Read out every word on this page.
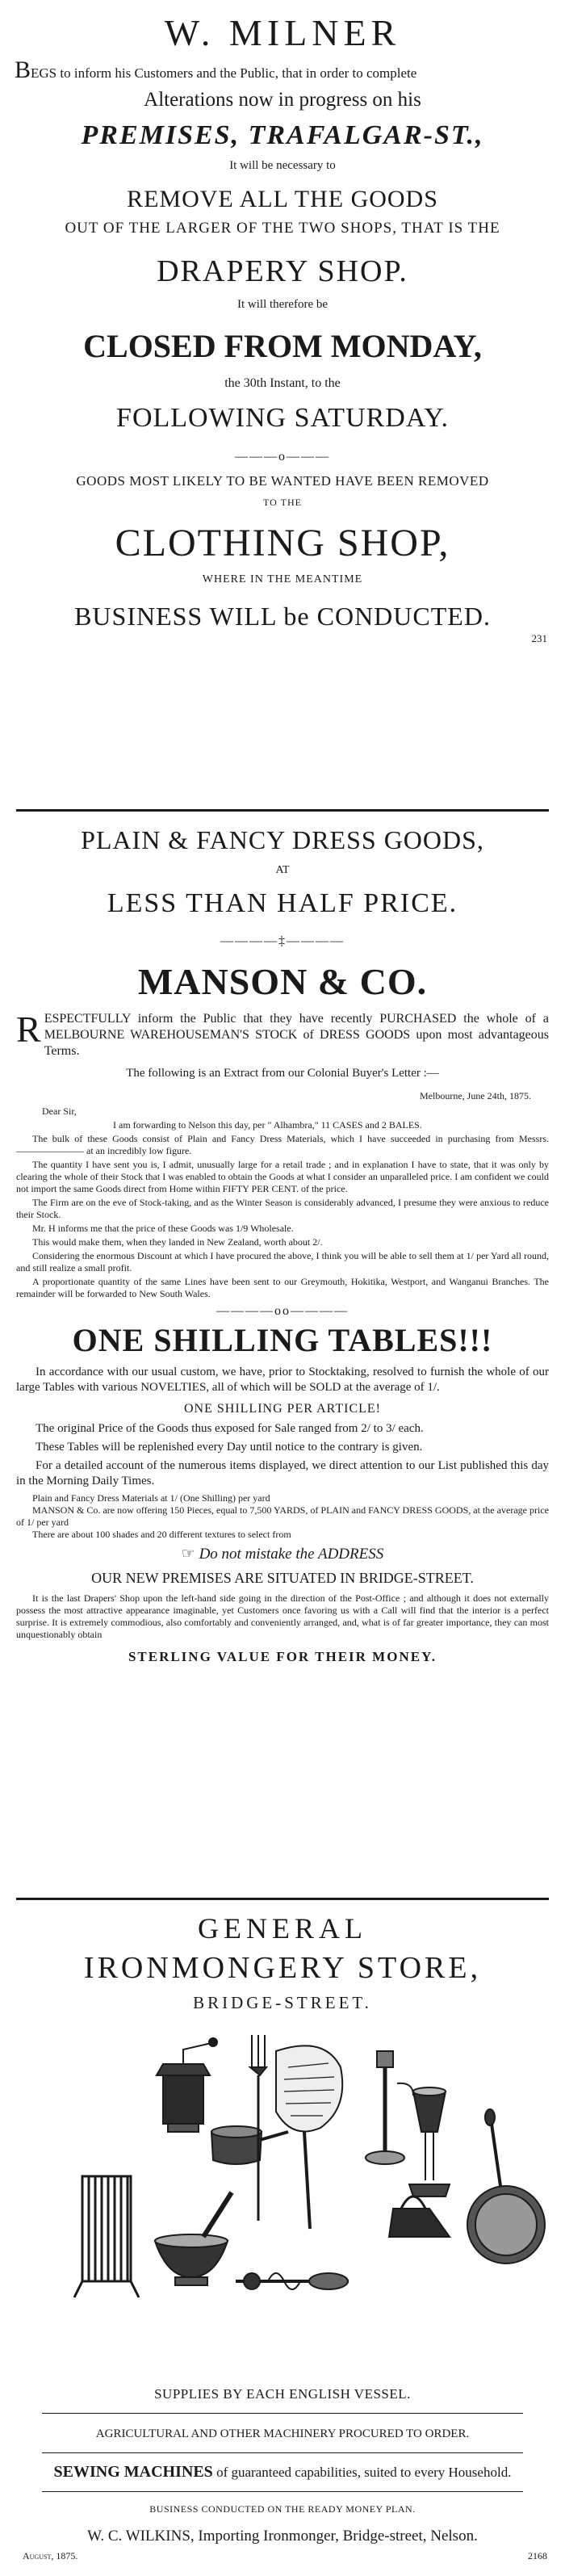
W. MILNER
BEGS to inform his Customers and the Public, that in order to complete
Alterations now in progress on his
PREMISES, TRAFALGAR-ST.,
It will be necessary to
REMOVE ALL THE GOODS
OUT OF THE LARGER OF THE TWO SHOPS, THAT IS THE
DRAPERY SHOP.
It will therefore be
CLOSED FROM MONDAY,
the 30th Instant, to the
FOLLOWING SATURDAY.
———o———
GOODS MOST LIKELY TO BE WANTED HAVE BEEN REMOVED
TO THE
CLOTHING SHOP,
WHERE IN THE MEANTIME
BUSINESS WILL be CONDUCTED.
231
PLAIN & FANCY DRESS GOODS,
AT
LESS THAN HALF PRICE.
————‡————
MANSON & CO.
RESPECTFULLY inform the Public that they have recently PURCHASED the whole of a MELBOURNE WAREHOUSEMAN'S STOCK of DRESS GOODS upon most advantageous Terms.
The following is an Extract from our Colonial Buyer's Letter :—
Melbourne, June 24th, 1875.
Dear Sir,
I am forwarding to Nelson this day, per " Alhambra," 11 CASES and 2 BALES.
The bulk of these Goods consist of Plain and Fancy Dress Materials, which I have succeeded in purchasing from Messrs. ——————— at an incredibly low figure.
The quantity I have sent you is, I admit, unusually large for a retail trade ; and in explanation I have to state, that it was only by clearing the whole of their Stock that I was enabled to obtain the Goods at what I consider an unparalleled price. I am confident we could not import the same Goods direct from Home within FIFTY PER CENT. of the price.
The Firm are on the eve of Stock-taking, and as the Winter Season is considerably advanced, I presume they were anxious to reduce their Stock.
Mr. H informs me that the price of these Goods was 1/9 Wholesale.
This would make them, when they landed in New Zealand, worth about 2/.
Considering the enormous Discount at which I have procured the above, I think you will be able to sell them at 1/ per Yard all round, and still realize a small profit.
A proportionate quantity of the same Lines have been sent to our Greymouth, Hokitika, Westport, and Wanganui Branches. The remainder will be forwarded to New South Wales.
————oo————
ONE SHILLING TABLES!!!
In accordance with our usual custom, we have, prior to Stocktaking, resolved to furnish the whole of our large Tables with various NOVELTIES, all of which will be SOLD at the average of 1/.
ONE SHILLING PER ARTICLE!
The original Price of the Goods thus exposed for Sale ranged from 2/ to 3/ each.
These Tables will be replenished every Day until notice to the contrary is given.
For a detailed account of the numerous items displayed, we direct attention to our List published this day in the Morning Daily Times.
Plain and Fancy Dress Materials at 1/ (One Shilling) per yard
MANSON & Co. are now offering 150 Pieces, equal to 7,500 YARDS, of PLAIN and FANCY DRESS GOODS, at the average price of 1/ per yard
There are about 100 shades and 20 different textures to select from
☞ Do not mistake the ADDRESS
OUR NEW PREMISES ARE SITUATED IN BRIDGE-STREET.
It is the last Drapers' Shop upon the left-hand side going in the direction of the Post-Office ; and although it does not externally possess the most attractive appearance imaginable, yet Customers once favoring us with a Call will find that the interior is a perfect surprise. It is extremely commodious, also comfortably and conveniently arranged, and, what is of far greater importance, they can most unquestionably obtain
STERLING VALUE FOR THEIR MONEY.
GENERAL
IRONMONGERY STORE,
BRIDGE-STREET.
SUPPLIES BY EACH ENGLISH VESSEL.
AGRICULTURAL AND OTHER MACHINERY PROCURED TO ORDER.
SEWING MACHINES of guaranteed capabilities, suited to every Household.
BUSINESS CONDUCTED ON THE READY MONEY PLAN.
W. C. WILKINS, Importing Ironmonger, Bridge-street, Nelson.
August, 1875.	2168
